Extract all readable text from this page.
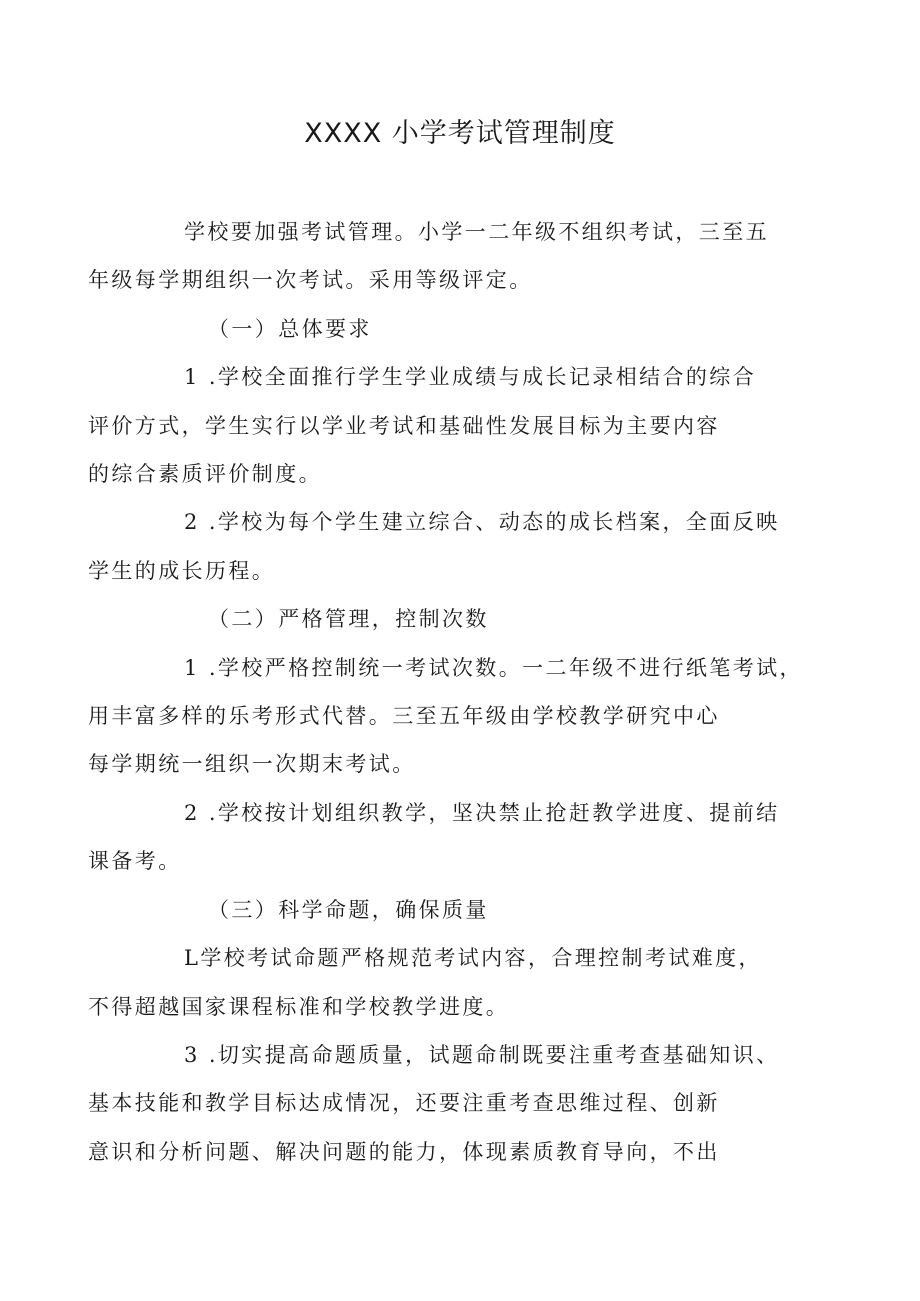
XXXX 小学考试管理制度

学校要加强考试管理。小学一二年级不组织考试，三至五
年级每学期组织一次考试。采用等级评定。

（一）总体要求

1 .学校全面推行学生学业成绩与成长记录相结合的综合
评价方式，学生实行以学业考试和基础性发展目标为主要内容
的综合素质评价制度。

2 .学校为每个学生建立综合、动态的成长档案，全面反映
学生的成长历程。

（二）严格管理，控制次数

1 .学校严格控制统一考试次数。一二年级不进行纸笔考试，
用丰富多样的乐考形式代替。三至五年级由学校教学研究中心
每学期统一组织一次期末考试。

2 .学校按计划组织教学，坚决禁止抢赶教学进度、提前结
课备考。

（三）科学命题，确保质量

L学校考试命题严格规范考试内容，合理控制考试难度，
不得超越国家课程标准和学校教学进度。

3 .切实提高命题质量，试题命制既要注重考查基础知识、
基本技能和教学目标达成情况，还要注重考查思维过程、创新
意识和分析问题、解决问题的能力，体现素质教育导向，不出
